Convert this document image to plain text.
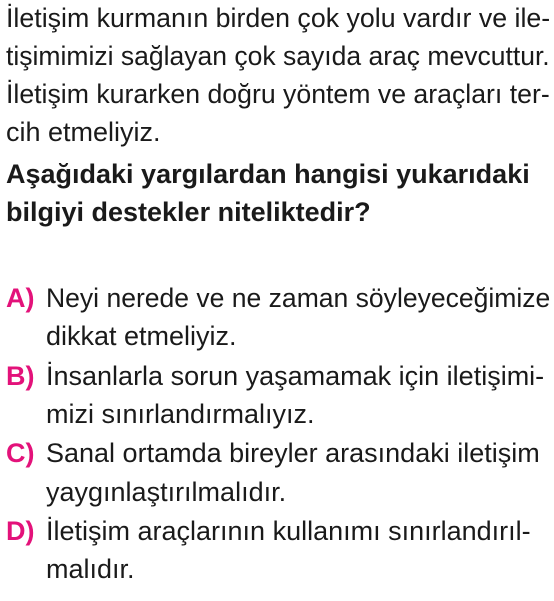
İletişim kurmanın birden çok yolu vardır ve ile-
tişimimizi sağlayan çok sayıda araç mevcuttur.
İletişim kurarken doğru yöntem ve araçları ter-
cih etmeliyiz.
Aşağıdaki yargılardan hangisi yukarıdaki
bilgiyi destekler niteliktedir?
A) Neyi nerede ve ne zaman söyleyeceğimize
dikkat etmeliyiz.
B) İnsanlarla sorun yaşamamak için iletişimi-
mizi sınırlandırmalıyız.
C) Sanal ortamda bireyler arasındaki iletişim
yaygınlaştırılmalıdır.
D) İletişim araçlarının kullanımı sınırlandırıl-
malıdır.
